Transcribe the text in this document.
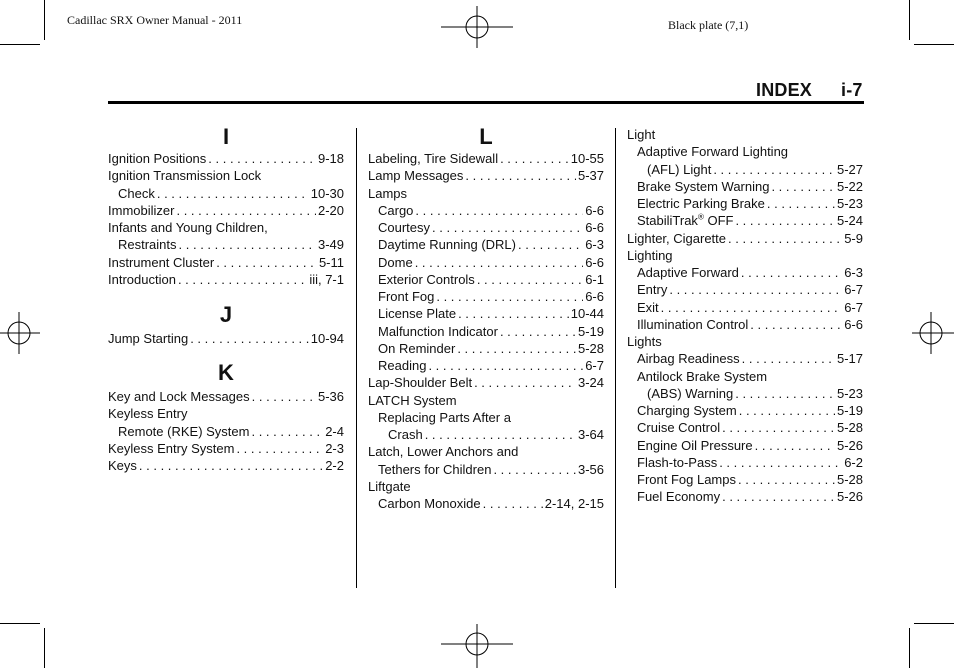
Cadillac SRX Owner Manual - 2011	Black plate (7,1)
INDEX i-7
I
Ignition Positions . . .	9-18
Ignition Transmission Lock
Check . . .	10-30
Immobilizer . . .	2-20
Infants and Young Children,
Restraints . . .	3-49
Instrument Cluster . . .	5-11
Introduction . . .	iii, 7-1
J
Jump Starting . . .	10-94
K
Key and Lock Messages . . .	5-36
Keyless Entry
Remote (RKE) System . . .	2-4
Keyless Entry System . . .	2-3
Keys . . .	2-2
L
Labeling, Tire Sidewall . . .	10-55
Lamp Messages . . .	5-37
Lamps
Cargo . . .	6-6
Courtesy . . .	6-6
Daytime Running (DRL) . . .	6-3
Dome . . .	6-6
Exterior Controls . . .	6-1
Front Fog . . .	6-6
License Plate . . .	10-44
Malfunction Indicator . . .	5-19
On Reminder . . .	5-28
Reading . . .	6-7
Lap-Shoulder Belt . . .	3-24
LATCH System
Replacing Parts After a
Crash . . .	3-64
Latch, Lower Anchors and
Tethers for Children . . .	3-56
Liftgate
Carbon Monoxide . . .	2-14, 2-15
Light
Adaptive Forward Lighting
(AFL) Light . . .	5-27
Brake System Warning . . .	5-22
Electric Parking Brake . . .	5-23
StabiliTrak® OFF . . .	5-24
Lighter, Cigarette . . .	5-9
Lighting
Adaptive Forward . . .	6-3
Entry . . .	6-7
Exit . . .	6-7
Illumination Control . . .	6-6
Lights
Airbag Readiness . . .	5-17
Antilock Brake System
(ABS) Warning . . .	5-23
Charging System . . .	5-19
Cruise Control . . .	5-28
Engine Oil Pressure . . .	5-26
Flash-to-Pass . . .	6-2
Front Fog Lamps . . .	5-28
Fuel Economy . . .	5-26
